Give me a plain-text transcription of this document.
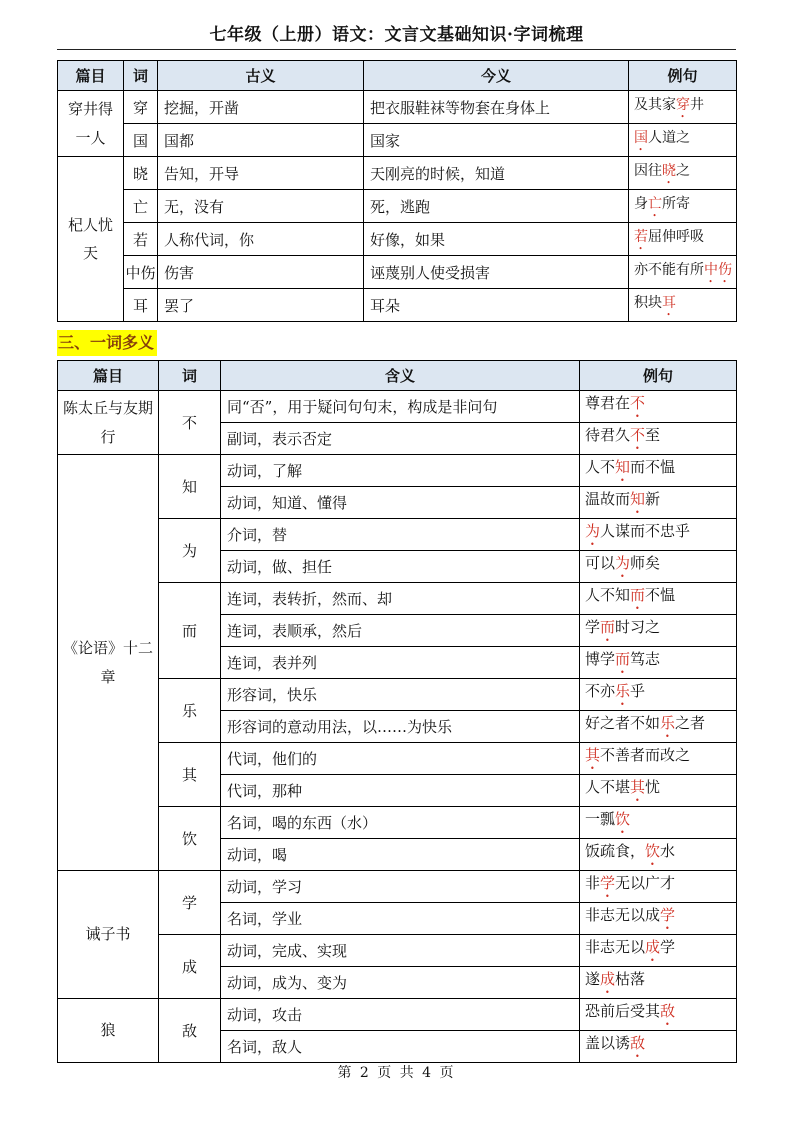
七年级（上册）语文：文言文基础知识·字词梳理
篇目	词	古义	今义	例句
穿井得一人	穿	挖掘，开凿	把衣服鞋袜等物套在身体上	及其家穿井
	国	国都	国家	国人道之
杞人忧天	晓	告知，开导	天刚亮的时候，知道	因往晓之
	亡	无，没有	死，逃跑	身亡所寄
	若	人称代词，你	好像，如果	若屈伸呼吸
	中伤	伤害	诬蔑别人使受损害	亦不能有所中伤
	耳	罢了	耳朵	积块耳
三、一词多义
篇目	词	含义	例句
陈太丘与友期行	不	同“否”，用于疑问句句末，构成是非问句	尊君在不
		副词，表示否定	待君久不至
《论语》十二章	知	动词，了解	人不知而不愠
		动词，知道、懂得	温故而知新
	为	介词，替	为人谋而不忠乎
		动词，做、担任	可以为师矣
	而	连词，表转折，然而、却	人不知而不愠
		连词，表顺承，然后	学而时习之
		连词，表并列	博学而笃志
	乐	形容词，快乐	不亦乐乎
		形容词的意动用法，以……为快乐	好之者不如乐之者
	其	代词，他们的	其不善者而改之
		代词，那种	人不堪其忧
	饮	名词，喝的东西（水）	一瓢饮
		动词，喝	饭疏食，饮水
诫子书	学	动词，学习	非学无以广才
		名词，学业	非志无以成学
	成	动词，完成、实现	非志无以成学
		动词，成为、变为	遂成枯落
狼	敌	动词，攻击	恐前后受其敌
		名词，敌人	盖以诱敌
第 2 页 共 4 页
